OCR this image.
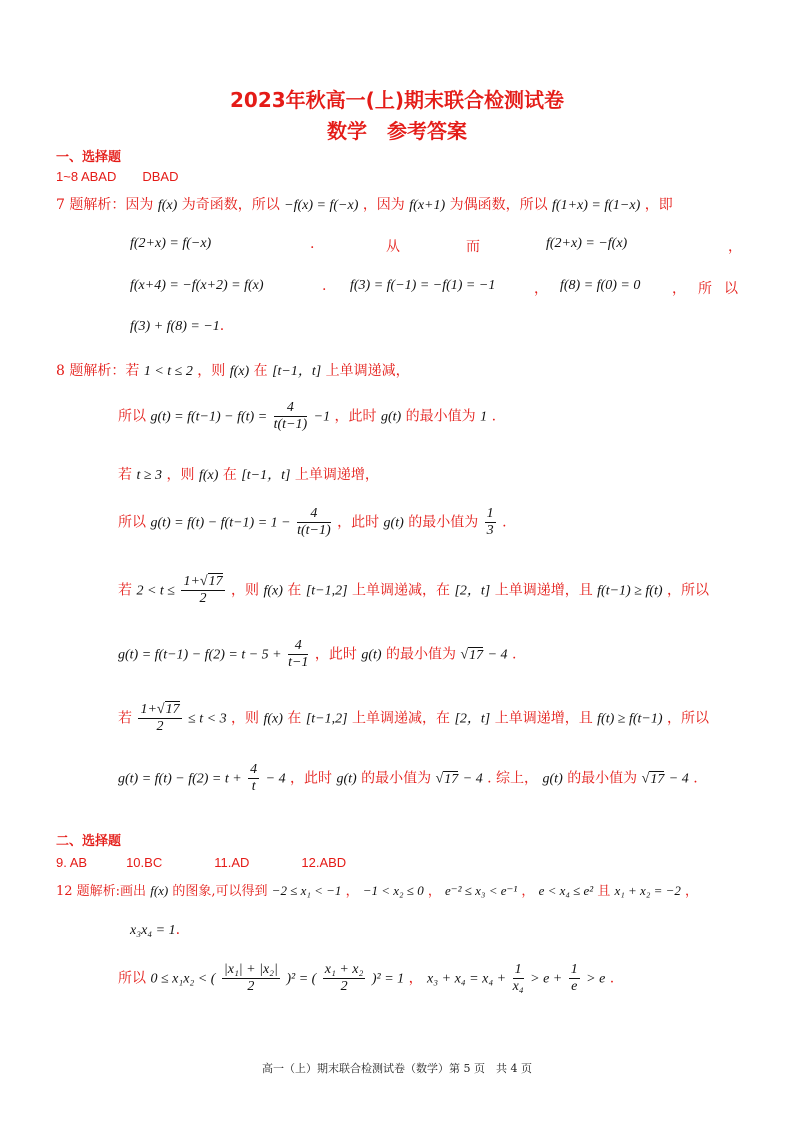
2023年秋高一(上)期末联合检测试卷
数学　参考答案
一、选择题
1~8 ABAD　　DBAD
7 题解析：因为 f(x) 为奇函数，所以 −f(x) = f(−x) ，因为 f(x+1) 为偶函数，所以 f(1+x) = f(1−x) ，即
f(2+x) = f(−x)	.	从	而	f(2+x) = −f(x)	，
f(x+4) = −f(x+2) = f(x)	. f(3) = f(−1) = −f(1) = −1	， f(8) = f(0) = 0 ， 所 以
f(3) + f(8) = −1.
8 题解析：若 1 < t ≤ 2 ，则 f(x) 在 [t−1，t] 上单调递减，
所以 $g(t) = f(t-1) - f(t) = \frac{4}{t(t-1)} -1$ ，此时 g(t) 的最小值为 1 .
若 t ≥ 3 ，则 f(x) 在 [t−1，t] 上单调递增，
所以 $g(t) = f(t) - f(t-1) = 1 - \frac{4}{t(t-1)}$ ，此时 g(t) 的最小值为 $\frac{1}{3}$ .
若 $2 < t \le \frac{1+√17}{2}$ ，则 f(x) 在 [t−1,2] 上单调递减，在 [2，t] 上单调递增，且 f(t−1) ≥ f(t) ，所以
$g(t) = f(t-1) - f(2) = t - 5 + \frac{4}{t-1}$ ，此时 g(t) 的最小值为 √17 − 4 .
若 $\frac{1+√17}{2} \le t < 3$ ，则 f(x) 在 [t−1,2] 上单调递减，在 [2，t] 上单调递增，且 f(t) ≥ f(t−1) ，所以
$g(t) = f(t) - f(2) = t + \frac{4}{t} - 4$ ，此时 g(t) 的最小值为 √17 − 4 . 综上， g(t) 的最小值为 √17 − 4 .
二、选择题
9. AB　　　10.BC　　　　11.AD　　　　12.ABD
12 题解析:画出 f(x) 的图象,可以得到 −2 ≤ x₁ < −1 ， −1 < x₂ ≤ 0 ， e⁻² ≤ x₃ < e⁻¹ ， e < x₄ ≤ e² 且 x₁ + x₂ = −2 ，
x₃x₄ = 1.
所以 0 ≤ x₁x₂ < ( $\frac{\text{|x₁| + |x₂|}}{2} )^2$ = ( $\frac{\text{x₁ + x₂}}{2} )^2 = 1$ ， $x_3 + x_4 = x_4 + \frac{1}{\text{x₄}} > e + \frac{1}{e} > e$ .
高一（上）期末联合检测试卷（数学）第 5 页　共 4 页
